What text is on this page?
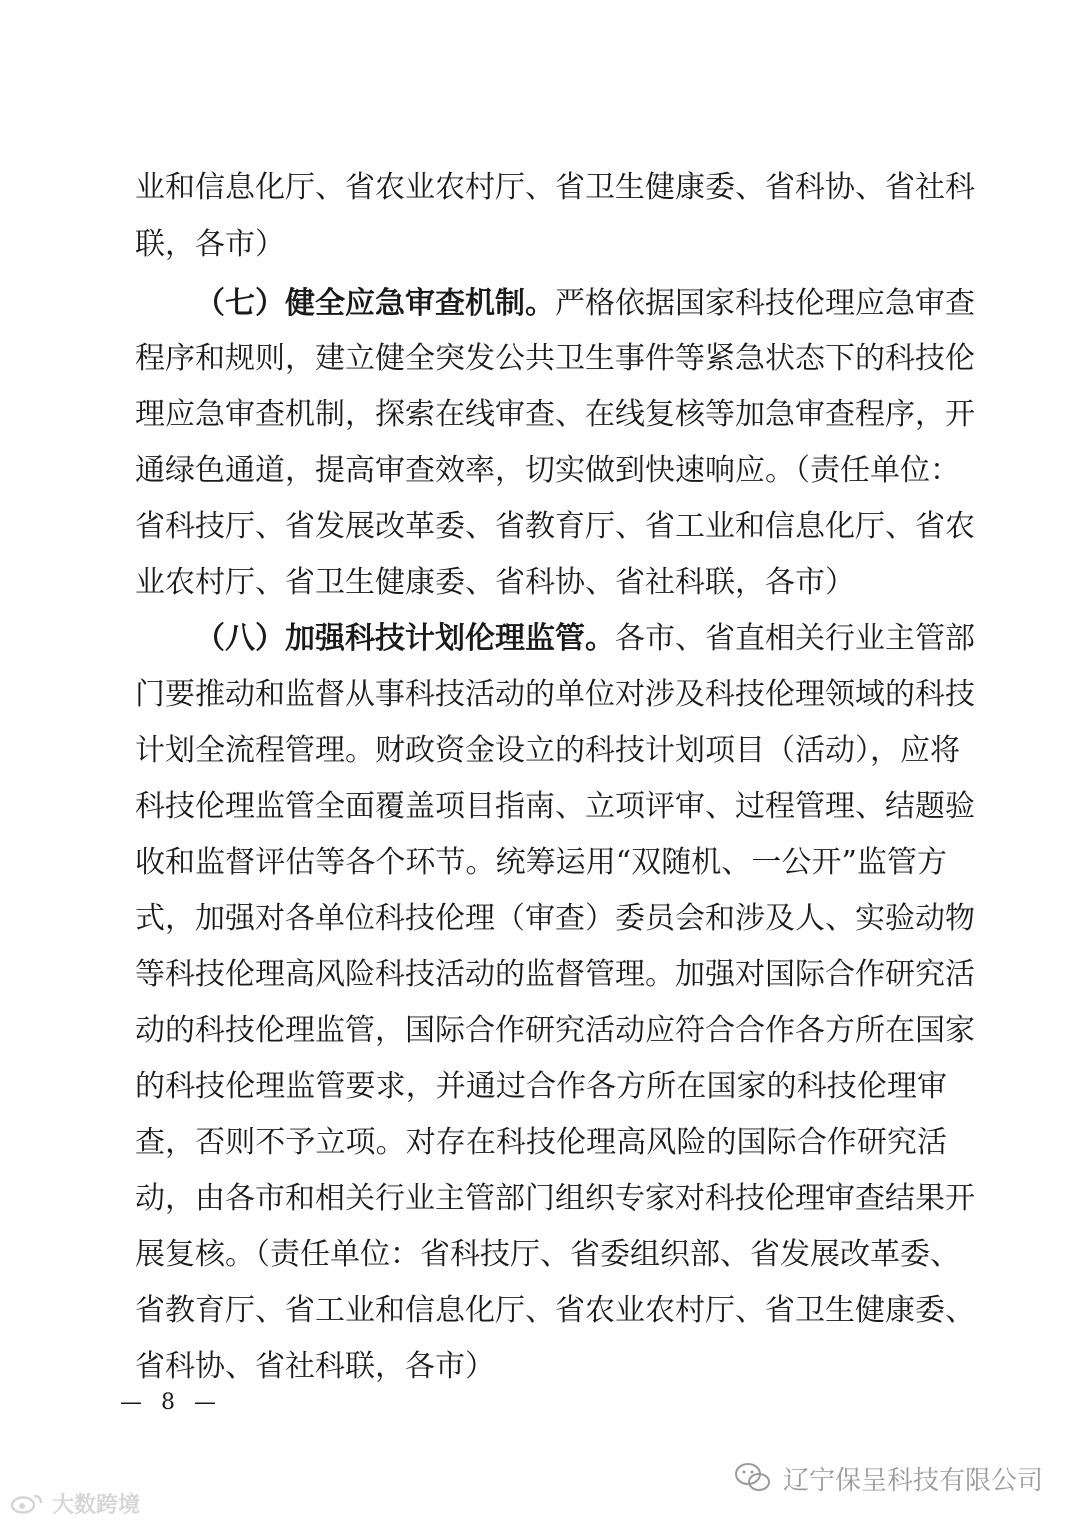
业和信息化厅、省农业农村厅、省卫生健康委、省科协、省社科
联，各市）
（七）健全应急审查机制。严格依据国家科技伦理应急审查
程序和规则，建立健全突发公共卫生事件等紧急状态下的科技伦
理应急审查机制，探索在线审查、在线复核等加急审查程序，开
通绿色通道，提高审查效率，切实做到快速响应。（责任单位：
省科技厅、省发展改革委、省教育厅、省工业和信息化厅、省农
业农村厅、省卫生健康委、省科协、省社科联，各市）
（八）加强科技计划伦理监管。各市、省直相关行业主管部
门要推动和监督从事科技活动的单位对涉及科技伦理领域的科技
计划全流程管理。财政资金设立的科技计划项目（活动），应将
科技伦理监管全面覆盖项目指南、立项评审、过程管理、结题验
收和监督评估等各个环节。统筹运用“双随机、一公开”监管方
式，加强对各单位科技伦理（审查）委员会和涉及人、实验动物
等科技伦理高风险科技活动的监督管理。加强对国际合作研究活
动的科技伦理监管，国际合作研究活动应符合合作各方所在国家
的科技伦理监管要求，并通过合作各方所在国家的科技伦理审
查，否则不予立项。对存在科技伦理高风险的国际合作研究活
动，由各市和相关行业主管部门组织专家对科技伦理审查结果开
展复核。（责任单位：省科技厅、省委组织部、省发展改革委、
省教育厅、省工业和信息化厅、省农业农村厅、省卫生健康委、
省科协、省社科联，各市）
— 8 —
大数跨境
辽宁保呈科技有限公司
